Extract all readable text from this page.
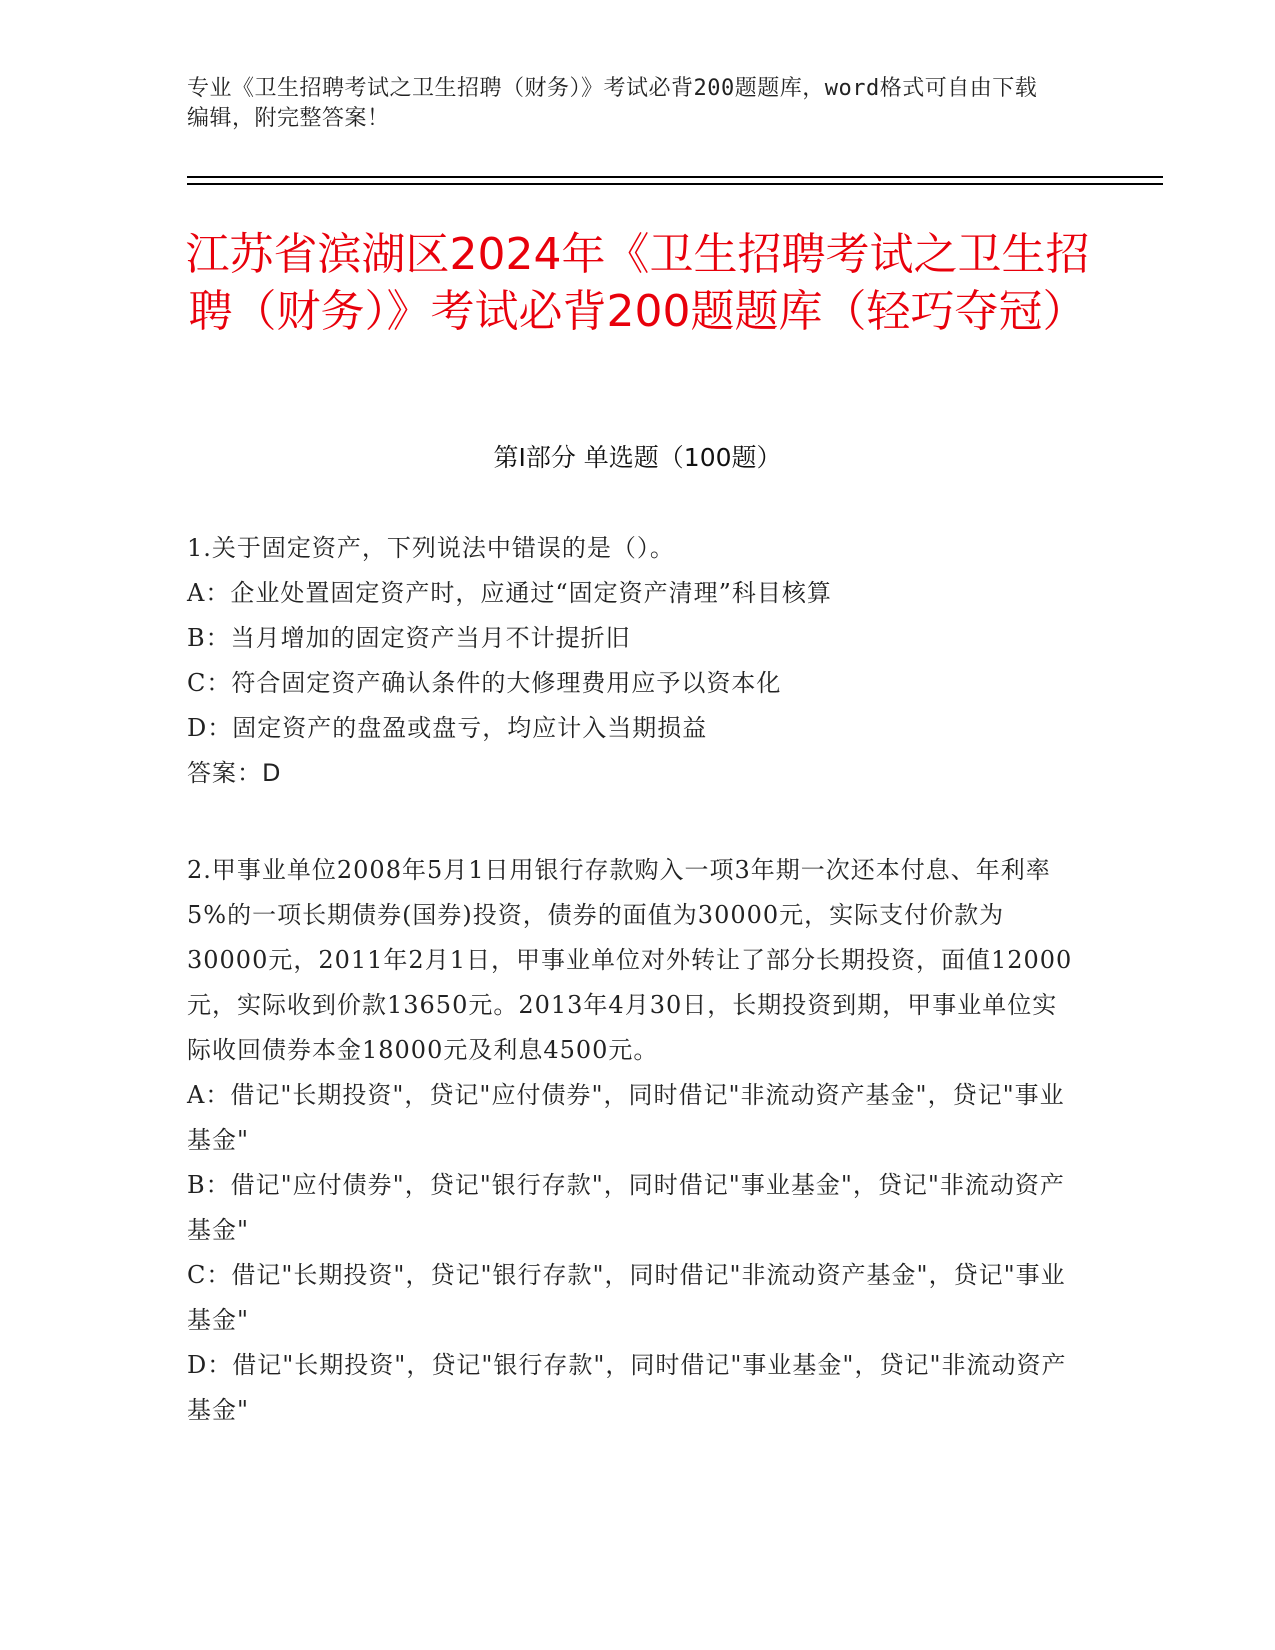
专业《卫生招聘考试之卫生招聘（财务）》考试必背200题题库，word格式可自由下载编辑，附完整答案！
江苏省滨湖区2024年《卫生招聘考试之卫生招聘（财务）》考试必背200题题库（轻巧夺冠）
第Ⅰ部分 单选题（100题）
1.关于固定资产，下列说法中错误的是（）。
A：企业处置固定资产时，应通过“固定资产清理”科目核算
B：当月增加的固定资产当月不计提折旧
C：符合固定资产确认条件的大修理费用应予以资本化
D：固定资产的盘盈或盘亏，均应计入当期损益
答案：D
2.甲事业单位2008年5月1日用银行存款购入一项3年期一次还本付息、年利率5%的一项长期债券(国券)投资，债券的面值为30000元，实际支付价款为30000元，2011年2月1日，甲事业单位对外转让了部分长期投资，面值12000元，实际收到价款13650元。2013年4月30日，长期投资到期，甲事业单位实际收回债券本金18000元及利息4500元。
A：借记"长期投资"，贷记"应付债券"，同时借记"非流动资产基金"，贷记"事业基金"
B：借记"应付债券"，贷记"银行存款"，同时借记"事业基金"，贷记"非流动资产基金"
C：借记"长期投资"，贷记"银行存款"，同时借记"非流动资产基金"，贷记"事业基金"
D：借记"长期投资"，贷记"银行存款"，同时借记"事业基金"，贷记"非流动资产基金"
